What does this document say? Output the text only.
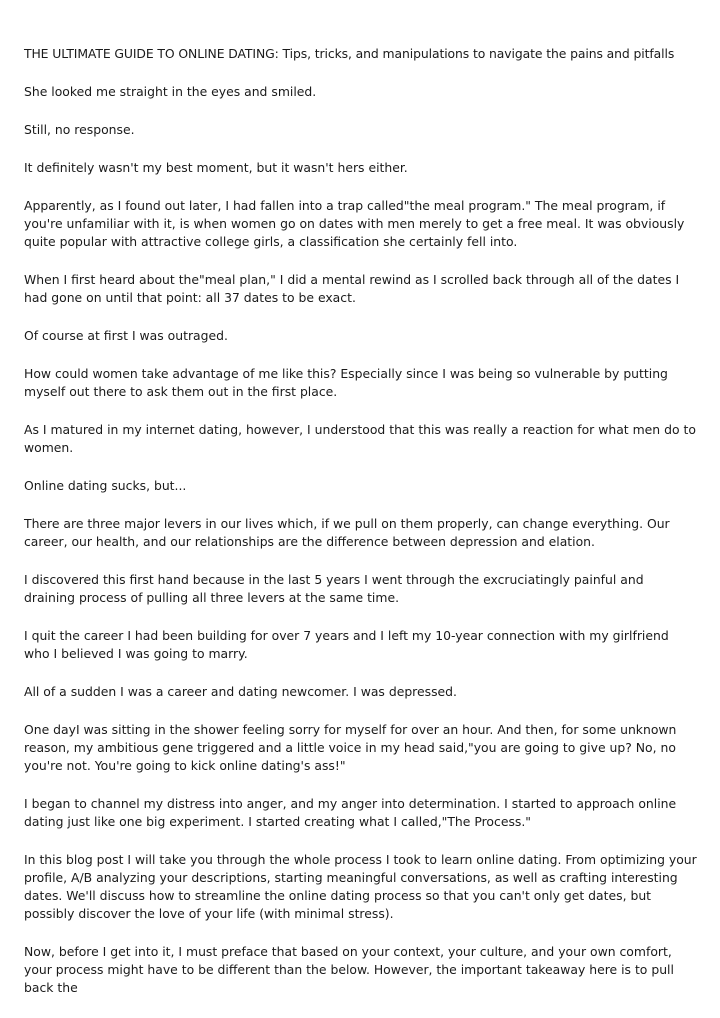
THE ULTIMATE GUIDE TO ONLINE DATING: Tips, tricks, and manipulations to navigate the pains and pitfalls

She looked me straight in the eyes and smiled.

Still, no response.

It definitely wasn't my best moment, but it wasn't hers either.

Apparently, as I found out later, I had fallen into a trap called"the meal program." The meal program, if you're unfamiliar with it, is when women go on dates with men merely to get a free meal. It was obviously quite popular with attractive college girls, a classification she certainly fell into.

When I first heard about the"meal plan," I did a mental rewind as I scrolled back through all of the dates I had gone on until that point: all 37 dates to be exact.

Of course at first I was outraged.

How could women take advantage of me like this? Especially since I was being so vulnerable by putting myself out there to ask them out in the first place.

As I matured in my internet dating, however, I understood that this was really a reaction for what men do to women.

Online dating sucks, but...

There are three major levers in our lives which, if we pull on them properly, can change everything. Our career, our health, and our relationships are the difference between depression and elation.

I discovered this first hand because in the last 5 years I went through the excruciatingly painful and draining process of pulling all three levers at the same time.

I quit the career I had been building for over 7 years and I left my 10-year connection with my girlfriend who I believed I was going to marry.

All of a sudden I was a career and dating newcomer. I was depressed.

One dayI was sitting in the shower feeling sorry for myself for over an hour. And then, for some unknown reason, my ambitious gene triggered and a little voice in my head said,"you are going to give up? No, no you're not. You're going to kick online dating's ass!"

I began to channel my distress into anger, and my anger into determination. I started to approach online dating just like one big experiment. I started creating what I called,"The Process."

In this blog post I will take you through the whole process I took to learn online dating. From optimizing your profile, A/B analyzing your descriptions, starting meaningful conversations, as well as crafting interesting dates. We'll discuss how to streamline the online dating process so that you can't only get dates, but possibly discover the love of your life (with minimal stress).

Now, before I get into it, I must preface that based on your context, your culture, and your own comfort, your process might have to be different than the below. However, the important takeaway here is to pull back the
